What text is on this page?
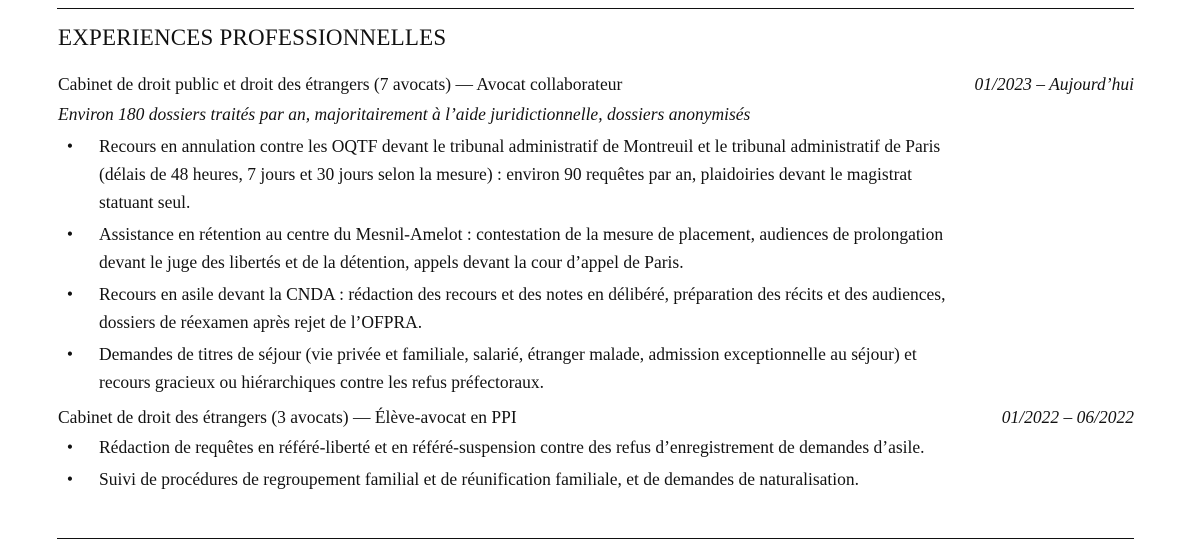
EXPERIENCES PROFESSIONNELLES
Cabinet de droit public et droit des étrangers (7 avocats) — Avocat collaborateur	01/2023 – Aujourd’hui
Environ 180 dossiers traités par an, majoritairement à l’aide juridictionnelle, dossiers anonymisés
• Recours en annulation contre les OQTF devant le tribunal administratif de Montreuil et le tribunal administratif de Paris (délais de 48 heures, 7 jours et 30 jours selon la mesure) : environ 90 requêtes par an, plaidoiries devant le magistrat statuant seul.
• Assistance en rétention au centre du Mesnil-Amelot : contestation de la mesure de placement, audiences de prolongation devant le juge des libertés et de la détention, appels devant la cour d’appel de Paris.
• Recours en asile devant la CNDA : rédaction des recours et des notes en délibéré, préparation des récits et des audiences, dossiers de réexamen après rejet de l’OFPRA.
• Demandes de titres de séjour (vie privée et familiale, salarié, étranger malade, admission exceptionnelle au séjour) et recours gracieux ou hiérarchiques contre les refus préfectoraux.
Cabinet de droit des étrangers (3 avocats) — Élève-avocat en PPI	01/2022 – 06/2022
• Rédaction de requêtes en référé-liberté et en référé-suspension contre des refus d’enregistrement de demandes d’asile.
• Suivi de procédures de regroupement familial et de réunification familiale, et de demandes de naturalisation.
